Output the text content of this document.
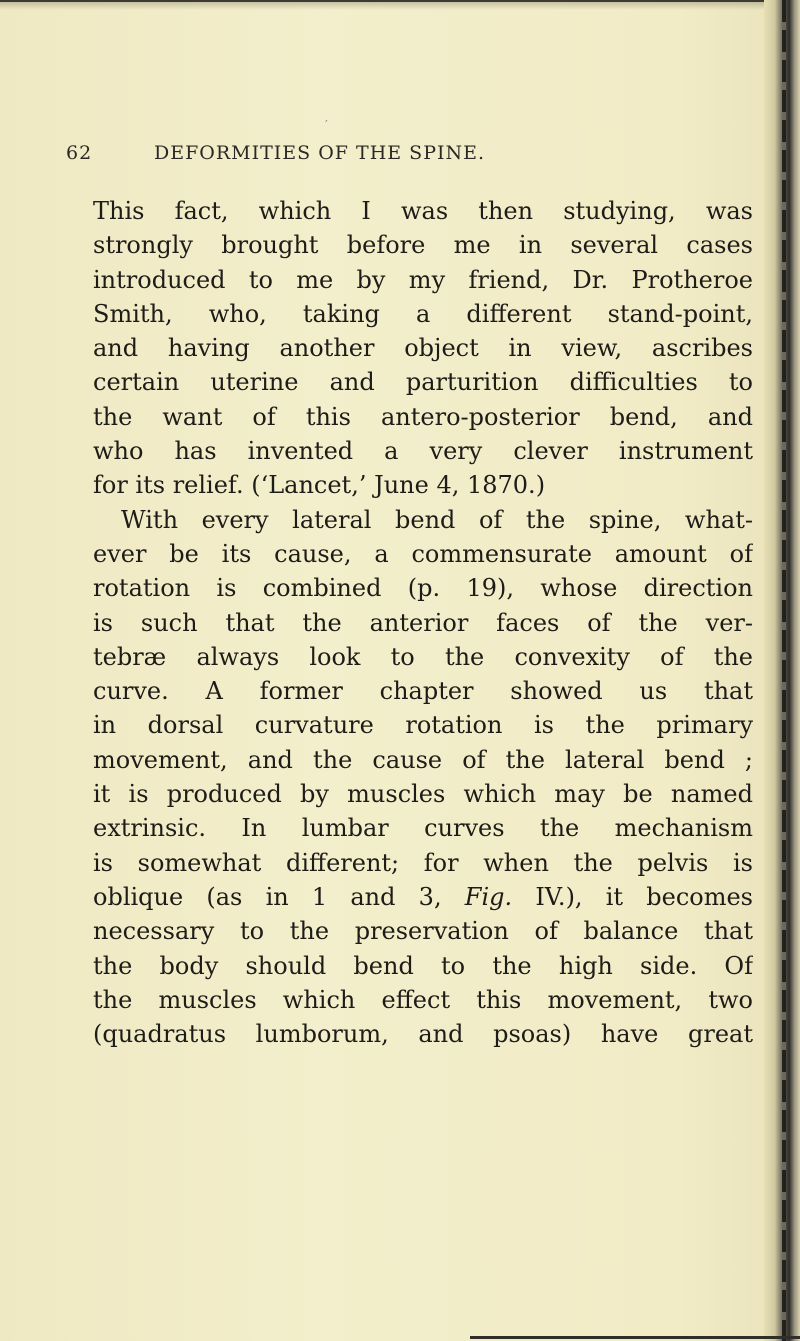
′
62	DEFORMITIES OF THE SPINE.
This fact, which I was then studying, was
strongly brought before me in several cases
introduced to me by my friend, Dr. Protheroe
Smith, who, taking a different stand-point,
and having another object in view, ascribes
certain uterine and parturition difficulties to
the want of this antero-posterior bend, and
who has invented a very clever instrument
for its relief. (‘Lancet,’ June 4, 1870.)
With every lateral bend of the spine, what-
ever be its cause, a commensurate amount of
rotation is combined (p. 19), whose direction
is such that the anterior faces of the ver-
tebræ always look to the convexity of the
curve. A former chapter showed us that
in dorsal curvature rotation is the primary
movement, and the cause of the lateral bend ;
it is produced by muscles which may be named
extrinsic. In lumbar curves the mechanism
is somewhat different; for when the pelvis is
oblique (as in 1 and 3, Fig. IV.), it becomes
necessary to the preservation of balance that
the body should bend to the high side. Of
the muscles which effect this movement, two
(quadratus lumborum, and psoas) have great
